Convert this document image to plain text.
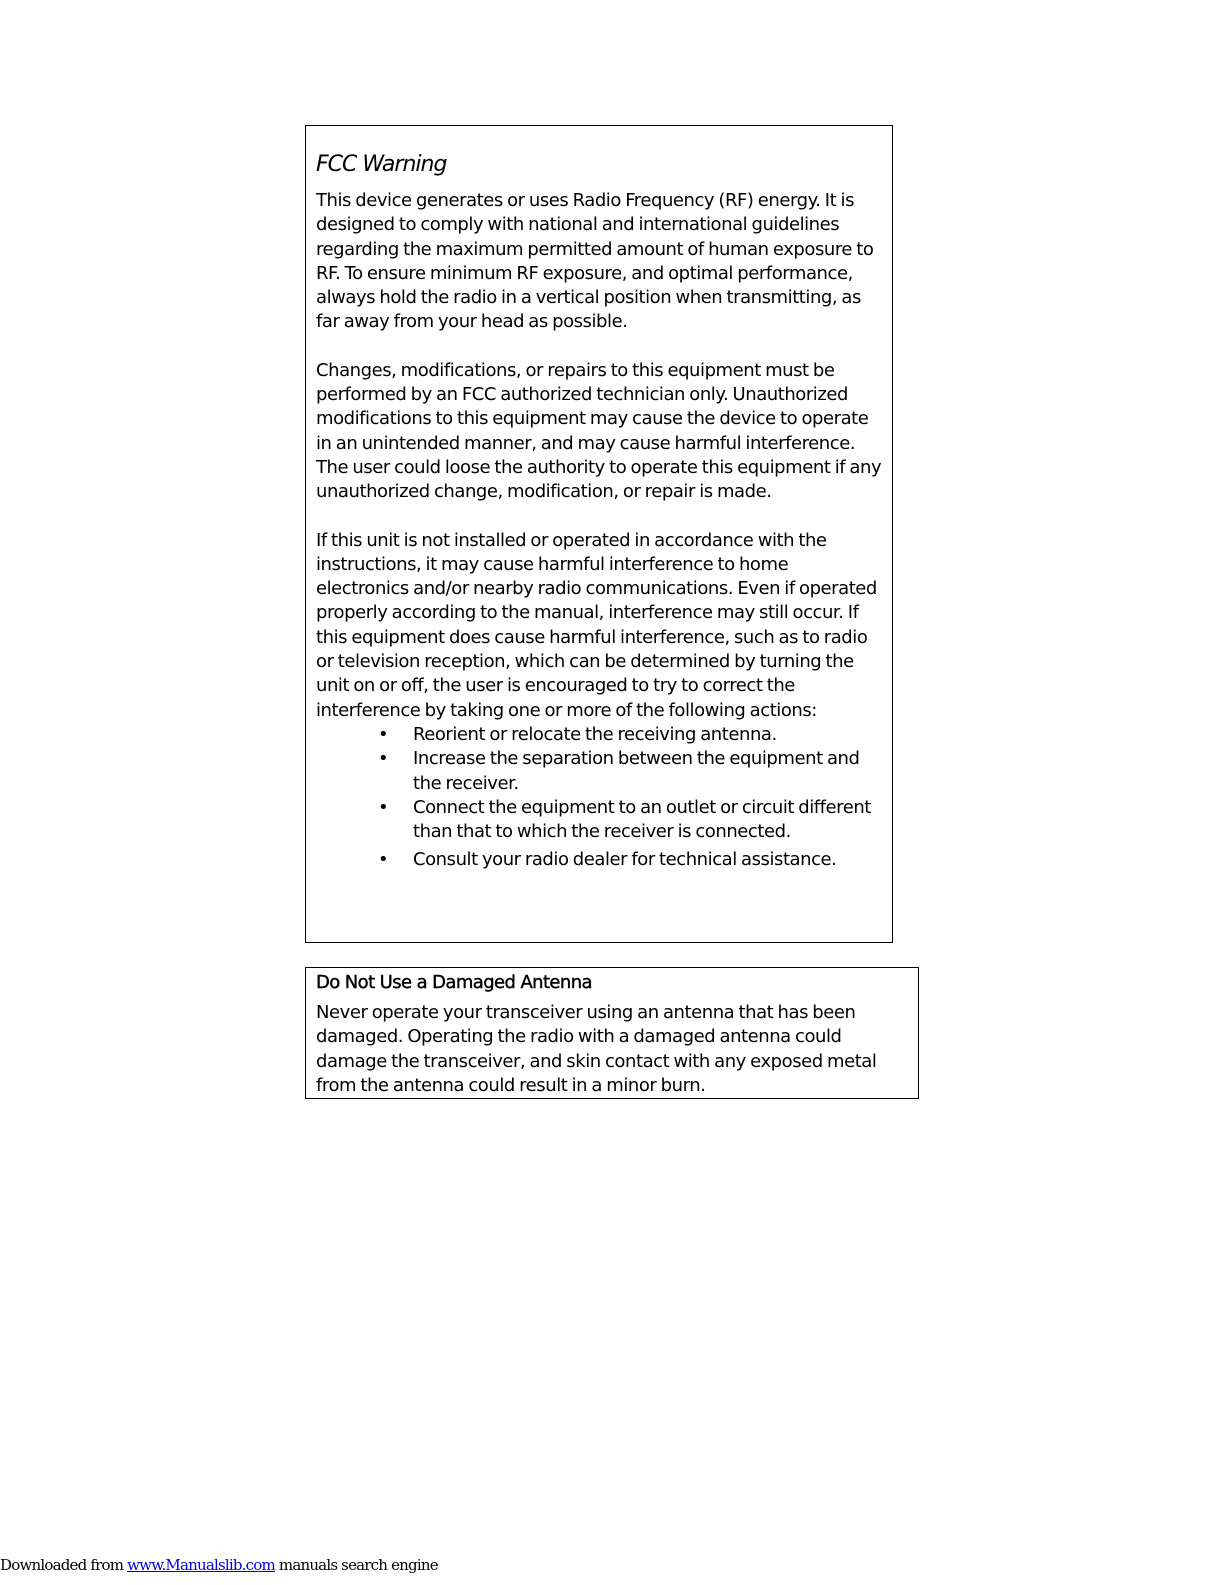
FCC Warning

This device generates or uses Radio Frequency (RF) energy. It is designed to comply with national and international guidelines regarding the maximum permitted amount of human exposure to RF. To ensure minimum RF exposure, and optimal performance, always hold the radio in a vertical position when transmitting, as far away from your head as possible.

Changes, modifications, or repairs to this equipment must be performed by an FCC authorized technician only. Unauthorized modifications to this equipment may cause the device to operate in an unintended manner, and may cause harmful interference. The user could loose the authority to operate this equipment if any unauthorized change, modification, or repair is made.

If this unit is not installed or operated in accordance with the instructions, it may cause harmful interference to home electronics and/or nearby radio communications. Even if operated properly according to the manual, interference may still occur. If this equipment does cause harmful interference, such as to radio or television reception, which can be determined by turning the unit on or off, the user is encouraged to try to correct the interference by taking one or more of the following actions:

• Reorient or relocate the receiving antenna.
• Increase the separation between the equipment and the receiver.
• Connect the equipment to an outlet or circuit different than that to which the receiver is connected.
• Consult your radio dealer for technical assistance.
Do Not Use a Damaged Antenna

Never operate your transceiver using an antenna that has been damaged. Operating the radio with a damaged antenna could damage the transceiver, and skin contact with any exposed metal from the antenna could result in a minor burn.

Downloaded from www.Manualslib.com manuals search engine
